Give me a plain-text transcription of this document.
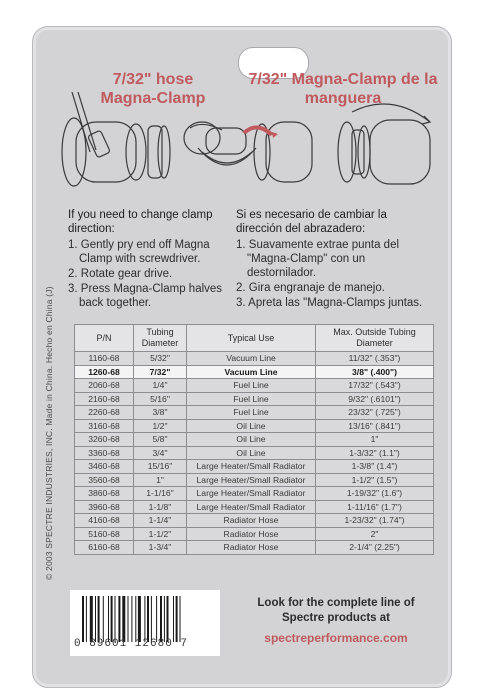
7/32" hose Magna-Clamp
7/32" Magna-Clamp de la manguera
If you need to change clamp direction:
1. Gently pry end off Magna Clamp with screwdriver.
2. Rotate gear drive.
3. Press Magna-Clamp halves back together.
Si es necesario de cambiar la dirección del abrazadero:
1. Suavamente extrae punta del "Magna-Clamp" con un destornilador.
2. Gira engranaje de manejo.
3. Apreta las "Magna-Clamps juntas.
© 2003 SPECTRE INDUSTRIES, INC. Made in China. Hecho en China (J)	P/N	Tubing Diameter	Typical Use	Max. Outside Tubing Diameter
1160-68	5/32"	Vacuum Line	11/32" (.353")
1260-68	7/32"	Vacuum Line	3/8" (.400")
2060-68	1/4"	Fuel Line	17/32" (.543")
2160-68	5/16"	Fuel Line	9/32" (.6101")
2260-68	3/8"	Fuel Line	23/32" (.725")
3160-68	1/2"	Oil Line	13/16" (.841")
3260-68	5/8"	Oil Line	1"
3360-68	3/4"	Oil Line	1-3/32" (1.1")
3460-68	15/16"	Large Heater/Small Radiator	1-3/8" (1.4")
3560-68	1"	Large Heater/Small Radiator	1-1/2" (1.5")
3860-68	1-1/16"	Large Heater/Small Radiator	1-19/32" (1.6")
3960-68	1-1/8"	Large Heater/Small Radiator	1-11/16" (1.7")
4160-68	1-1/4"	Radiator Hose	1-23/32" (1.74")
5160-68	1-1/2"	Radiator Hose	2"
6160-68	1-3/4"	Radiator Hose	2-1/4" (2.25")
0 89601 12680 7
Look for the complete line of Spectre products at
spectreperformance.com
